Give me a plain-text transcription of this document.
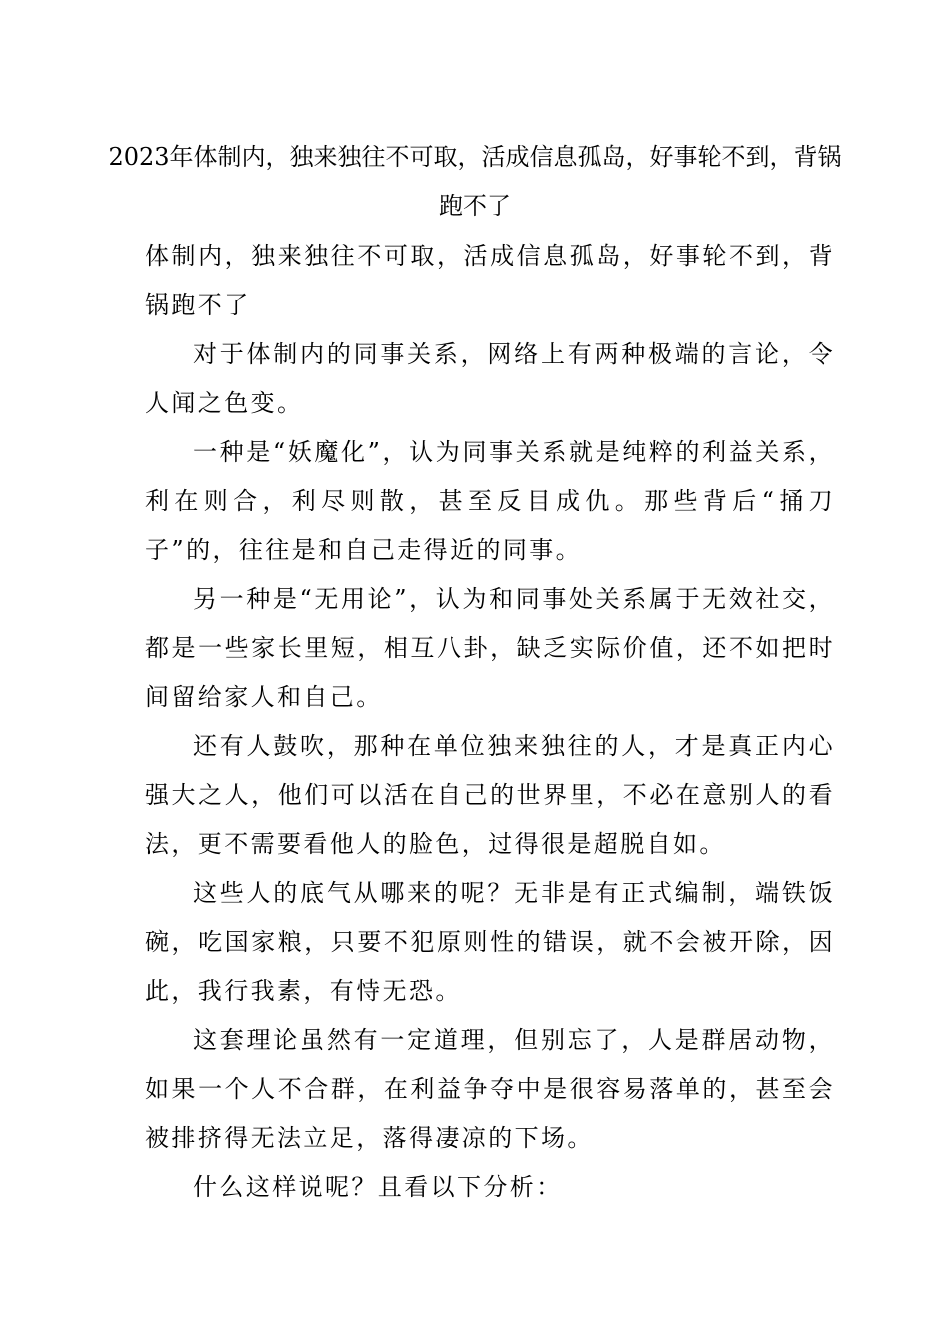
2023年体制内，独来独往不可取，活成信息孤岛，好事轮不到，背锅跑不了

体制内，独来独往不可取，活成信息孤岛，好事轮不到，背锅跑不了

对于体制内的同事关系，网络上有两种极端的言论，令人闻之色变。

一种是“妖魔化”，认为同事关系就是纯粹的利益关系，利在则合，利尽则散，甚至反目成仇。那些背后“捅刀子”的，往往是和自己走得近的同事。

另一种是“无用论”，认为和同事处关系属于无效社交，都是一些家长里短，相互八卦，缺乏实际价值，还不如把时间留给家人和自己。

还有人鼓吹，那种在单位独来独往的人，才是真正内心强大之人，他们可以活在自己的世界里，不必在意别人的看法，更不需要看他人的脸色，过得很是超脱自如。

这些人的底气从哪来的呢？无非是有正式编制，端铁饭碗，吃国家粮，只要不犯原则性的错误，就不会被开除，因此，我行我素，有恃无恐。

这套理论虽然有一定道理，但别忘了，人是群居动物，如果一个人不合群，在利益争夺中是很容易落单的，甚至会被排挤得无法立足，落得凄凉的下场。

什么这样说呢？且看以下分析：
